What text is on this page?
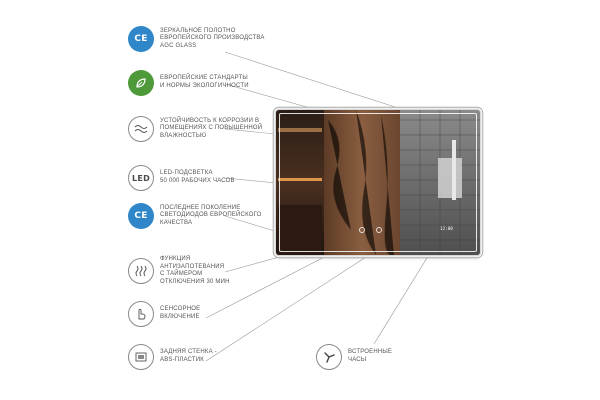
12:00
CE
ЗЕРКАЛЬНОЕ ПОЛОТНО
ЕВРОПЕЙСКОГО ПРОИЗВОДСТВА
AGC GLASS
ЕВРОПЕЙСКИЕ СТАНДАРТЫ
И НОРМЫ ЭКОЛОГИЧНОСТИ
УСТОЙЧИВОСТЬ К КОРРОЗИИ В
ПОМЕЩЕНИЯХ С ПОВЫШЕННОЙ
ВЛАЖНОСТЬЮ
LED
LED-ПОДСВЕТКА
50 000 РАБОЧИХ ЧАСОВ
CE
ПОСЛЕДНЕЕ ПОКОЛЕНИЕ
СВЕТОДИОДОВ ЕВРОПЕЙСКОГО
КАЧЕСТВА
ФУНКЦИЯ
АНТИЗАПОТЕВАНИЯ
С ТАЙМЕРОМ
ОТКЛЮЧЕНИЯ 30 МИН
СЕНСОРНОЕ
ВКЛЮЧЕНИЕ
ЗАДНЯЯ СТЕНКА -
ABS-ПЛАСТИК
ВСТРОЕННЫЕ
ЧАСЫ
